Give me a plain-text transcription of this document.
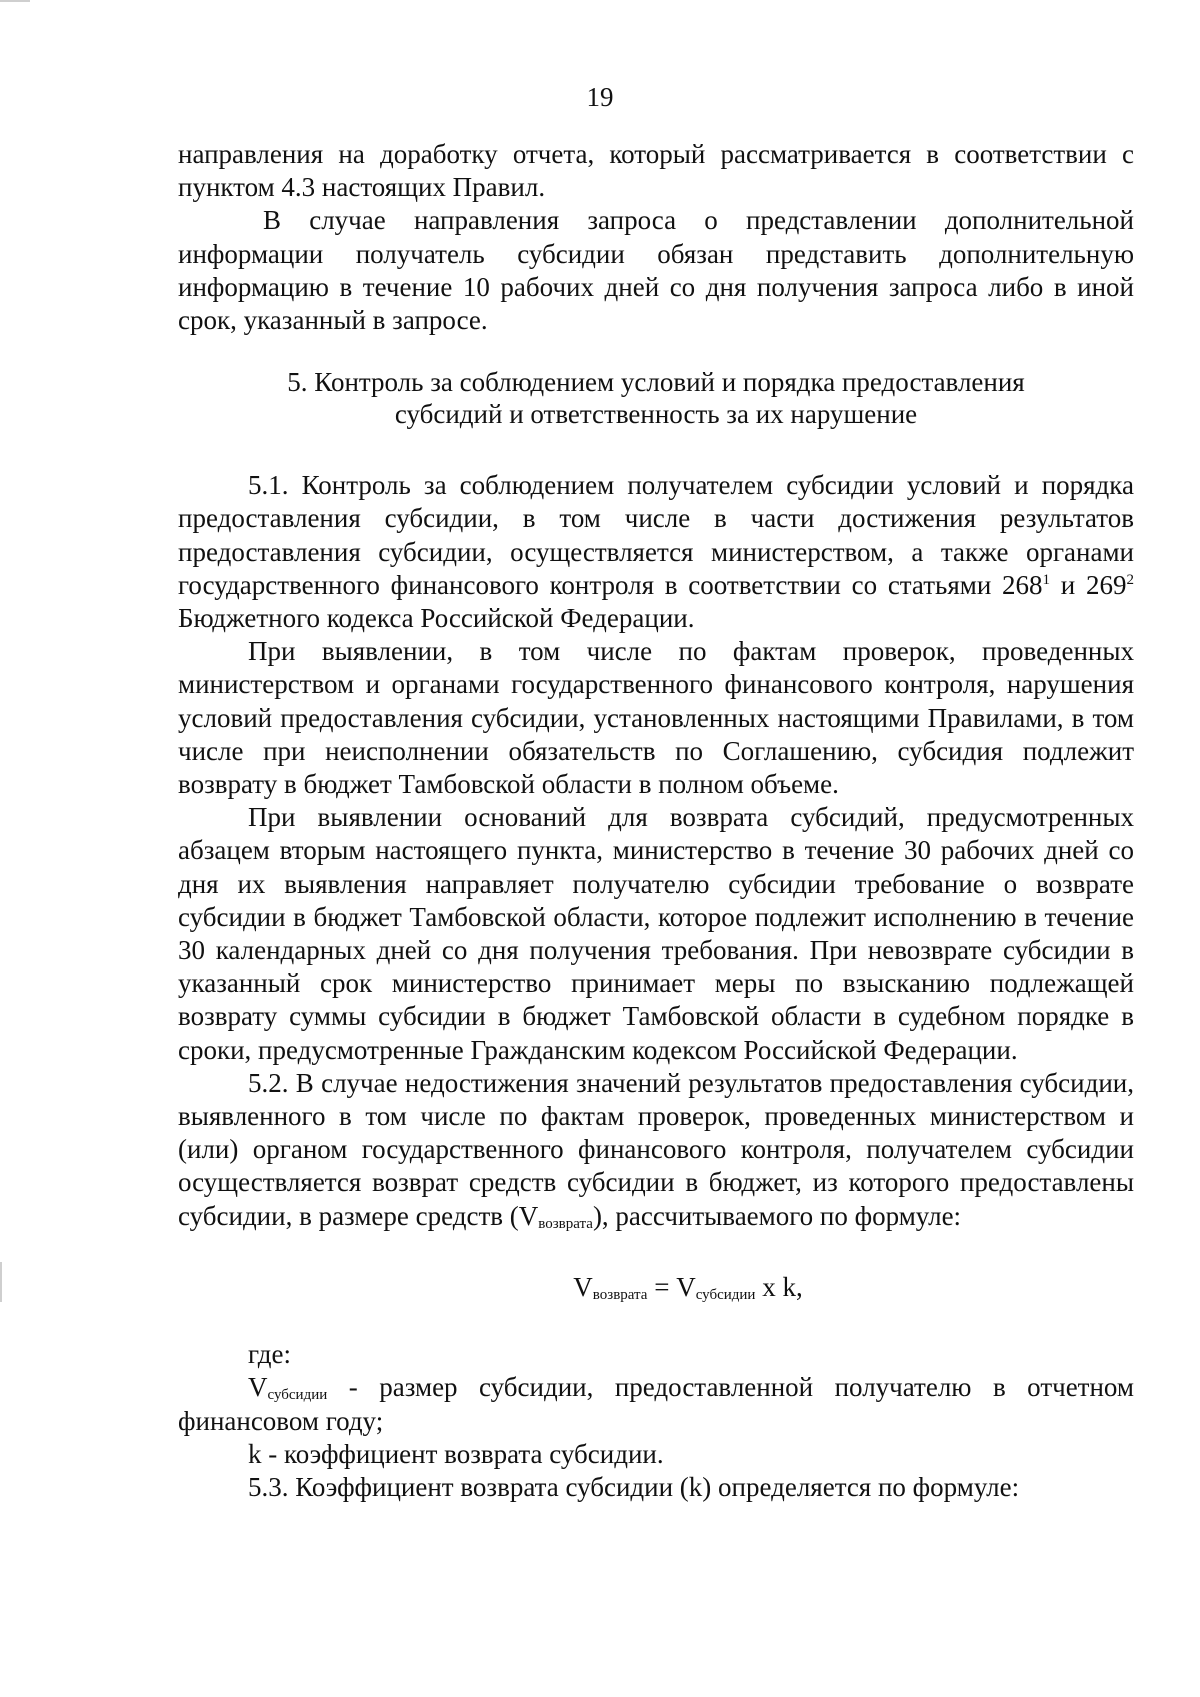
19

направления на доработку отчета, который рассматривается в соответствии с пунктом 4.3 настоящих Правил.

В случае направления запроса о представлении дополнительной информации получатель субсидии обязан представить дополнительную информацию в течение 10 рабочих дней со дня получения запроса либо в иной срок, указанный в запросе.

5. Контроль за соблюдением условий и порядка предоставления
субсидий и ответственность за их нарушение

5.1. Контроль за соблюдением получателем субсидии условий и порядка предоставления субсидии, в том числе в части достижения результатов предоставления субсидии, осуществляется министерством, а также органами государственного финансового контроля в соответствии со статьями $268^1$ и $269^2$ Бюджетного кодекса Российской Федерации.

При выявлении, в том числе по фактам проверок, проведенных министерством и органами государственного финансового контроля, нарушения условий предоставления субсидии, установленных настоящими Правилами, в том числе при неисполнении обязательств по Соглашению, субсидия подлежит возврату в бюджет Тамбовской области в полном объеме.

При выявлении оснований для возврата субсидий, предусмотренных абзацем вторым настоящего пункта, министерство в течение 30 рабочих дней со дня их выявления направляет получателю субсидии требование о возврате субсидии в бюджет Тамбовской области, которое подлежит исполнению в течение 30 календарных дней со дня получения требования. При невозврате субсидии в указанный срок министерство принимает меры по взысканию подлежащей возврату суммы субсидии в бюджет Тамбовской области в судебном порядке в сроки, предусмотренные Гражданским кодексом Российской Федерации.

5.2. В случае недостижения значений результатов предоставления субсидии, выявленного в том числе по фактам проверок, проведенных министерством и (или) органом государственного финансового контроля, получателем субсидии осуществляется возврат средств субсидии в бюджет, из которого предоставлены субсидии, в размере средств $(V_{возврата})$, рассчитываемого по формуле:

$V_{возврата} = V_{субсидии}$ x k,

где:

$V_{субсидии}$ - размер субсидии, предоставленной получателю в отчетном финансовом году;

k - коэффициент возврата субсидии.

5.3. Коэффициент возврата субсидии (k) определяется по формуле:
